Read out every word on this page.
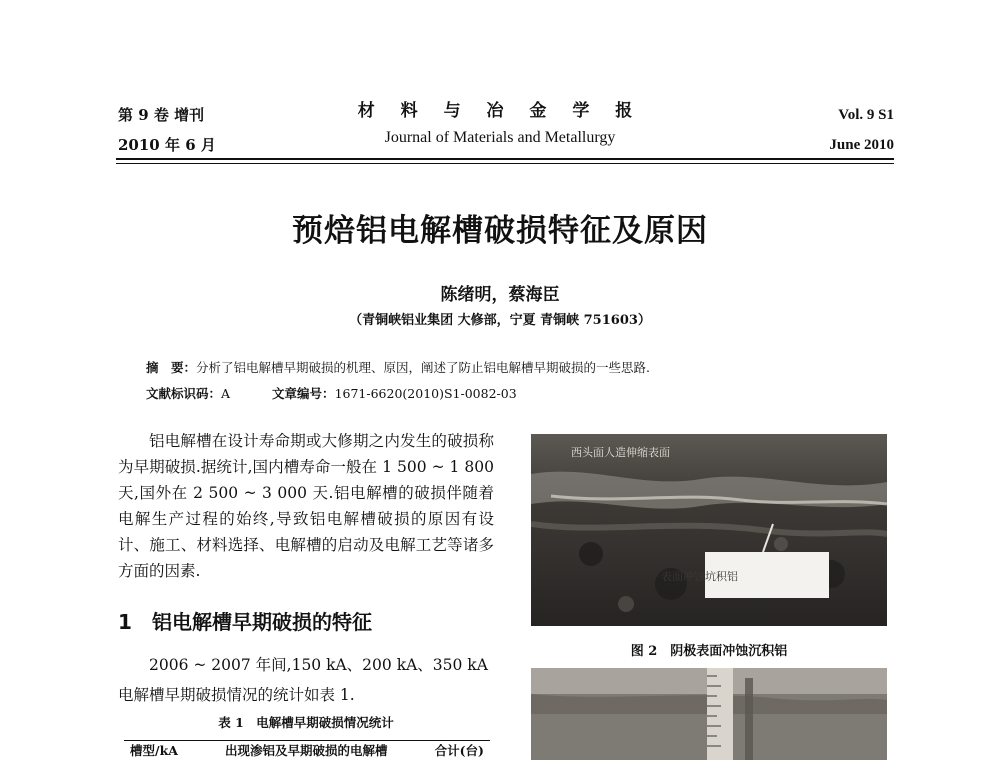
第 9 卷 增刊
2010 年 6 月
材 料 与 冶 金 学 报
Journal of Materials and Metallurgy
Vol. 9 S1
June 2010
预焙铝电解槽破损特征及原因
陈绪明，蔡海臣
（青铜峡铝业集团 大修部，宁夏 青铜峡 751603）
摘　要：分析了铝电解槽早期破损的机理、原因，阐述了防止铝电解槽早期破损的一些思路.
文献标识码：A	文章编号：1671-6620(2010)S1-0082-03

铝电解槽在设计寿命期或大修期之内发生的破损称为早期破损.据统计,国内槽寿命一般在 1 500 ~ 1 800 天,国外在 2 500 ~ 3 000 天.铝电解槽的破损伴随着电解生产过程的始终,导致铝电解槽破损的原因有设计、施工、材料选择、电解槽的启动及电解工艺等诸多方面的因素.

1 铝电解槽早期破损的特征

2006 ~ 2007 年间,150 kA、200 kA、350 kA 电解槽早期破损情况的统计如表 1.

表 1　电解槽早期破损情况统计
槽型/kA	出现渗铝及早期破损的电解槽	合计(台)
西头面人造伸缩表面
表面冲蚀坑积铝
图 2　阴极表面冲蚀沉积铝
